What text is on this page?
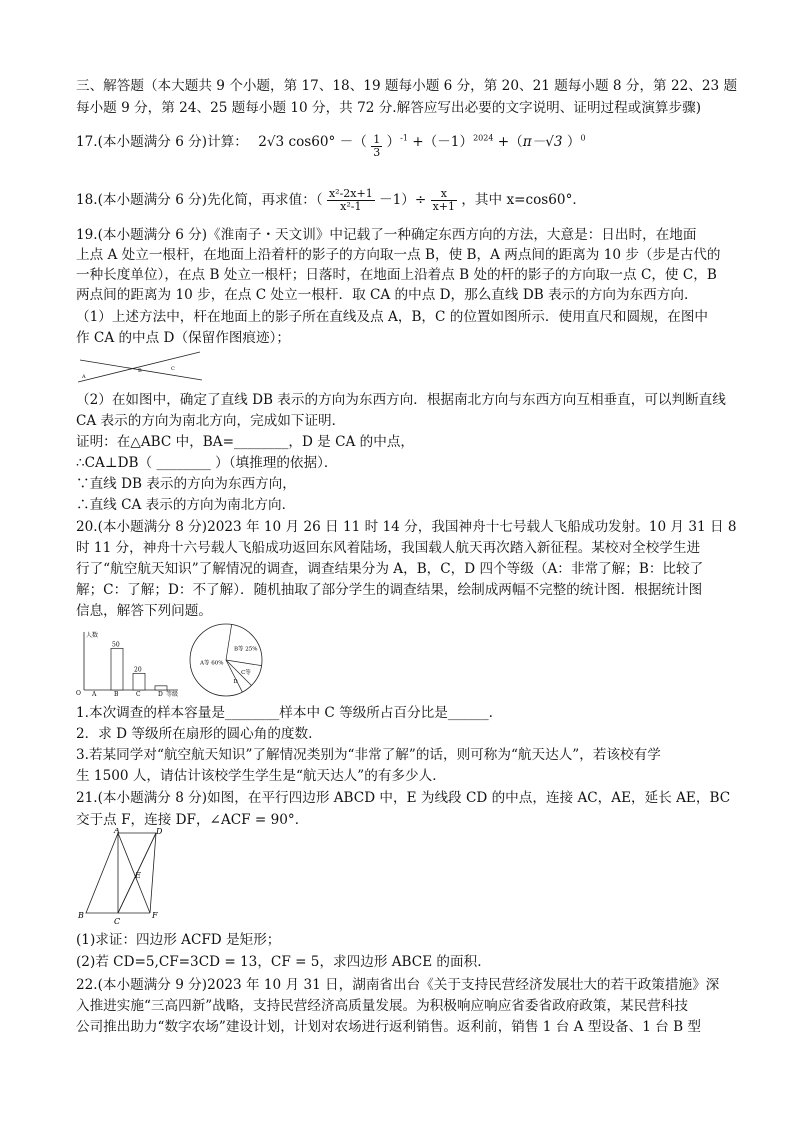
三、解答题（本大题共 9 个小题，第 17、18、19 题每小题 6 分，第 20、21 题每小题 8 分，第 22、23 题
每小题 9 分，第 24、25 题每小题 10 分，共 72 分.解答应写出必要的文字说明、证明过程或演算步骤)
17.(本小题满分 6 分)计算： 2√3 cos60° －（ $\frac{1}{3} )^{-1} +(-1)^{2024} +(\pi-√3$ ）$^0$
18.(本小题满分 6 分)先化简，再求值：（ $\frac{\text{x²-2x+1}}{\text{x²-1}} -1)\div \frac{x}{x+1}$ ，其中 x=cos60°．
19.(本小题满分 6 分)《淮南子・天文训》中记载了一种确定东西方向的方法，大意是：日出时，在地面
上点 A 处立一根杆，在地面上沿着杆的影子的方向取一点 B，使 B，A 两点间的距离为 10 步（步是古代的
一种长度单位），在点 B 处立一根杆；日落时，在地面上沿着点 B 处的杆的影子的方向取一点 C，使 C，B
两点间的距离为 10 步，在点 C 处立一根杆．取 CA 的中点 D，那么直线 DB 表示的方向为东西方向.
（1）上述方法中，杆在地面上的影子所在直线及点 A，B，C 的位置如图所示．使用直尺和圆规，在图中
作 CA 的中点 D（保留作图痕迹）；
B	C
A
（2）在如图中，确定了直线 DB 表示的方向为东西方向．根据南北方向与东西方向互相垂直，可以判断直线
CA 表示的方向为南北方向，完成如下证明．
证明：在△ABC 中，BA=________，D 是 CA 的中点，
∴CA⊥DB（ ________ ）（填推理的依据）．
∵直线 DB 表示的方向为东西方向，
∴直线 CA 表示的方向为南北方向．
20.(本小题满分 8 分)2023 年 10 月 26 日 11 时 14 分，我国神舟十七号载人飞船成功发射。10 月 31 日 8
时 11 分，神舟十六号载人飞船成功返回东风着陆场，我国载人航天再次踏入新征程。某校对全校学生进
行了“航空航天知识”了解情况的调查，调查结果分为 A，B，C，D 四个等级（A：非常了解；B：比较了
解；C：了解；D：不了解）．随机抽取了部分学生的调查结果，绘制成两幅不完整的统计图．根据统计图
信息，解答下列问题。
人数
O	等级
A	B
50
C
20
D
A等 60%
B等 25%
C等
D
1.本次调查的样本容量是________样本中 C 等级所占百分比是______.
2．求 D 等级所在扇形的圆心角的度数.
3.若某同学对“航空航天知识”了解情况类别为“非常了解”的话，则可称为“航天达人”，若该校有学
生 1500 人，请估计该校学生学生是“航天达人”的有多少人．
21.(本小题满分 8 分)如图，在平行四边形 ABCD 中，E 为线段 CD 的中点，连接 AC，AE，延长 AE，BC
交于点 F，连接 DF，∠ACF = 90°．
A	D
E
B
C
F
(1)求证：四边形 ACFD 是矩形；
(2)若 CD=5,CF=3CD = 13，CF = 5，求四边形 ABCE 的面积.
22.(本小题满分 9 分)2023 年 10 月 31 日，湖南省出台《关于支持民营经济发展壮大的若干政策措施》深
入推进实施“三高四新”战略，支持民营经济高质量发展。为积极响应响应省委省政府政策，某民营科技
公司推出助力“数字农场”建设计划，计划对农场进行返利销售。返利前，销售 1 台 A 型设备、1 台 B 型
